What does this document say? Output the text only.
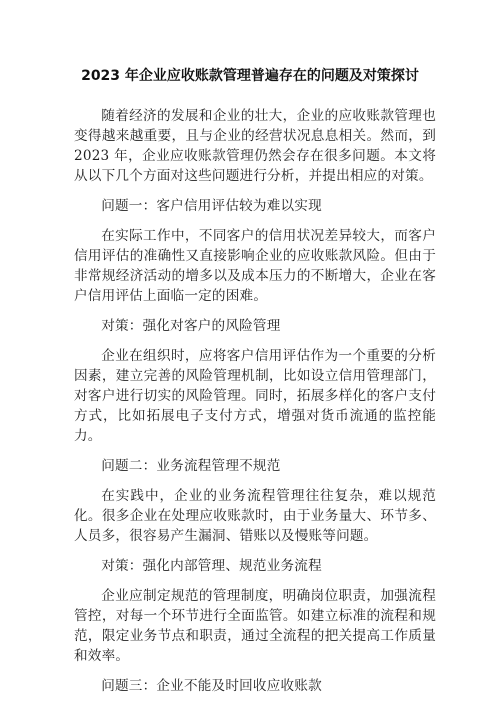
2023 年企业应收账款管理普遍存在的问题及对策探讨

随着经济的发展和企业的壮大，企业的应收账款管理也变得越来越重要，且与企业的经营状况息息相关。然而，到 2023 年，企业应收账款管理仍然会存在很多问题。本文将从以下几个方面对这些问题进行分析，并提出相应的对策。

问题一：客户信用评估较为难以实现

在实际工作中，不同客户的信用状况差异较大，而客户信用评估的准确性又直接影响企业的应收账款风险。但由于非常规经济活动的增多以及成本压力的不断增大，企业在客户信用评估上面临一定的困难。

对策：强化对客户的风险管理

企业在组织时，应将客户信用评估作为一个重要的分析因素，建立完善的风险管理机制，比如设立信用管理部门，对客户进行切实的风险管理。同时，拓展多样化的客户支付方式，比如拓展电子支付方式，增强对货币流通的监控能力。

问题二：业务流程管理不规范

在实践中，企业的业务流程管理往往复杂，难以规范化。很多企业在处理应收账款时，由于业务量大、环节多、人员多，很容易产生漏洞、错账以及慢账等问题。

对策：强化内部管理、规范业务流程

企业应制定规范的管理制度，明确岗位职责，加强流程管控，对每一个环节进行全面监管。如建立标准的流程和规范，限定业务节点和职责，通过全流程的把关提高工作质量和效率。

问题三：企业不能及时回收应收账款
